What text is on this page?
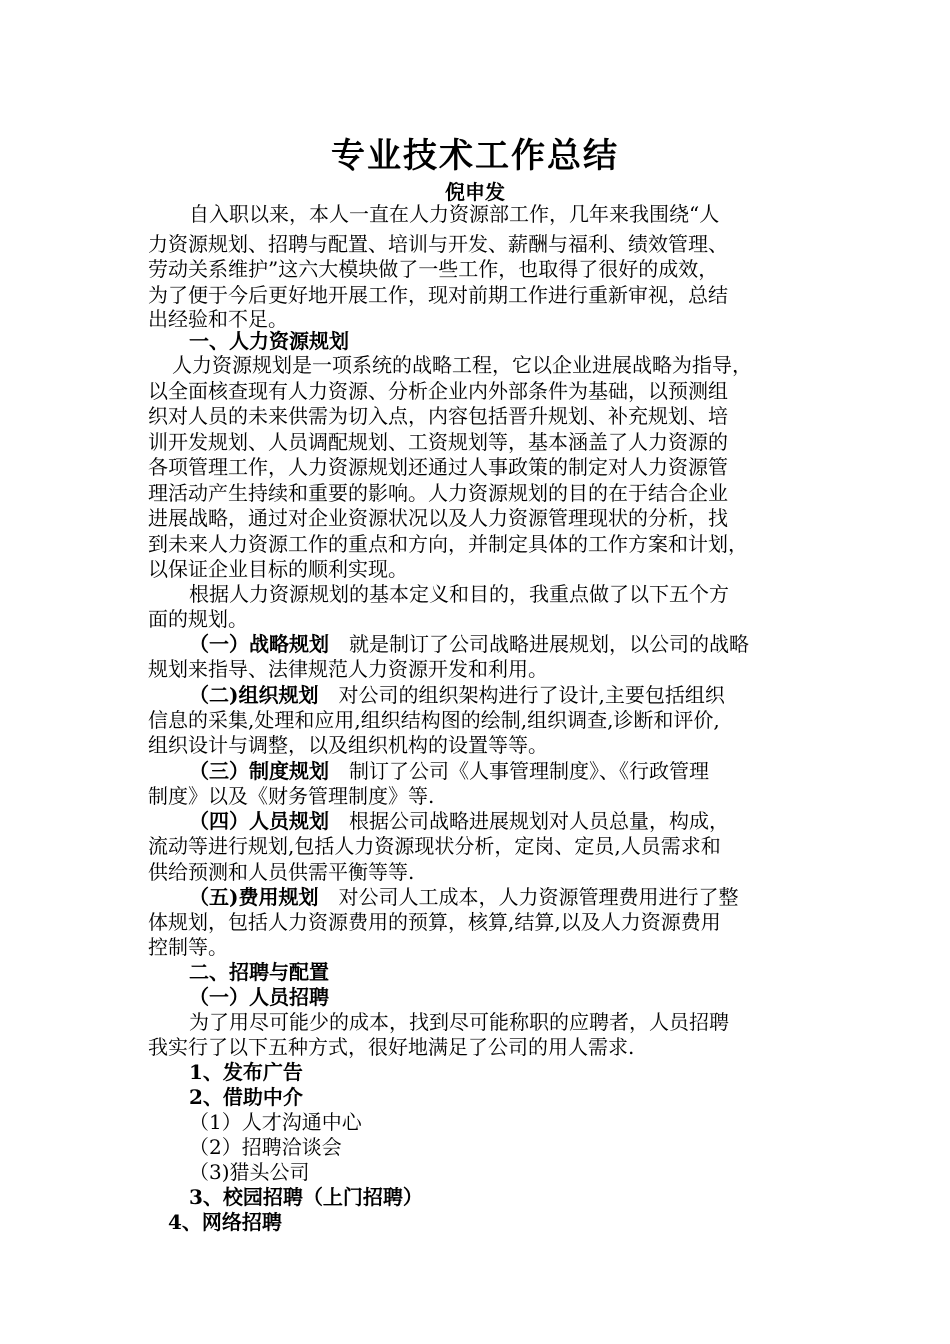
专业技术工作总结
倪申发
自入职以来，本人一直在人力资源部工作，几年来我围绕“人
力资源规划、招聘与配置、培训与开发、薪酬与福利、绩效管理、
劳动关系维护”这六大模块做了一些工作，也取得了很好的成效，
为了便于今后更好地开展工作，现对前期工作进行重新审视，总结
出经验和不足。
一、人力资源规划
人力资源规划是一项系统的战略工程，它以企业进展战略为指导，
以全面核查现有人力资源、分析企业内外部条件为基础，以预测组
织对人员的未来供需为切入点，内容包括晋升规划、补充规划、培
训开发规划、人员调配规划、工资规划等，基本涵盖了人力资源的
各项管理工作，人力资源规划还通过人事政策的制定对人力资源管
理活动产生持续和重要的影响。人力资源规划的目的在于结合企业
进展战略，通过对企业资源状况以及人力资源管理现状的分析，找
到未来人力资源工作的重点和方向，并制定具体的工作方案和计划，
以保证企业目标的顺利实现。
根据人力资源规划的基本定义和目的，我重点做了以下五个方
面的规划。
（一）战略规划　 就是制订了公司战略进展规划，以公司的战略
规划来指导、法律规范人力资源开发和利用。
（二)组织规划　 对公司的组织架构进行了设计,主要包括组织
信息的采集,处理和应用,组织结构图的绘制,组织调查,诊断和评价,
组织设计与调整，以及组织机构的设置等等。
（三）制度规划　 制订了公司《人事管理制度》、《行政管理
制度》以及《财务管理制度》等.
（四）人员规划　 根据公司战略进展规划对人员总量，构成，
流动等进行规划,包括人力资源现状分析，定岗、定员,人员需求和
供给预测和人员供需平衡等等.
（五)费用规划　 对公司人工成本，人力资源管理费用进行了整
体规划，包括人力资源费用的预算，核算,结算,以及人力资源费用
控制等。
二、招聘与配置
（一）人员招聘
为了用尽可能少的成本，找到尽可能称职的应聘者，人员招聘
我实行了以下五种方式，很好地满足了公司的用人需求.
1、发布广告
2、借助中介
（1）人才沟通中心
（2）招聘洽谈会
（3)猎头公司
3、校园招聘（上门招聘）
4、网络招聘
